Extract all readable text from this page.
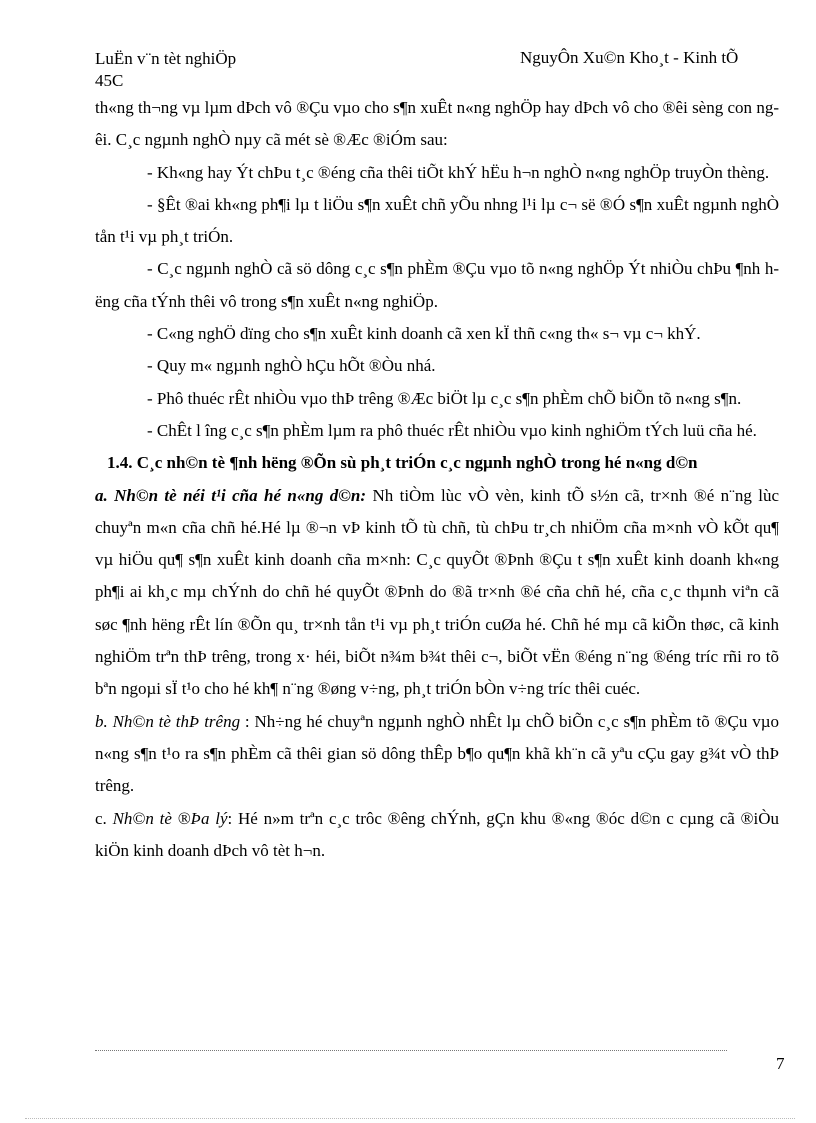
LuËn v¨n tèt nghiÖp
45C
NguyÔn Xu©n Kho¸t - Kinh tÕ

th«ng th¬ng vµ lµm dÞch vô ®Çu vµo cho s¶n xuÊt n«ng nghÖp hay dÞch vô cho ®êi sèng con ngêi. C¸c ngµnh nghÒ nµy cã mét sè ®Æc ®iÓm sau:

- Kh«ng hay Ýt chÞu t¸c ®éng cña thêi tiÕt khÝ hËu h¬n nghÒ n«ng nghÖp truyÒn thèng.

- §Êt ®ai kh«ng ph¶i lµ t liÖu s¶n xuÊt chñ yÕu nhng l¹i lµ c¬ së ®Ó s¶n xuÊt ngµnh nghÒ tån t¹i vµ ph¸t triÓn.

- C¸c ngµnh nghÒ cã sö dông c¸c s¶n phÈm ®Çu vµo tõ n«ng nghÖp Ýt nhiÒu chÞu ¶nh hëng cña tÝnh thêi vô trong s¶n xuÊt n«ng nghiÖp.

- C«ng nghÖ dïng cho s¶n xuÊt kinh doanh cã xen kÏ thñ c«ng th« s¬ vµ c¬ khÝ.

- Quy m« ngµnh nghÒ hÇu hÕt ®Òu nhá.

- Phô thuéc rÊt nhiÒu vµo thÞ trêng ®Æc biÖt lµ c¸c s¶n phÈm chÕ biÕn tõ n«ng s¶n.

- ChÊt l îng c¸c s¶n phÈm lµm ra phô thuéc rÊt nhiÒu vµo kinh nghiÖm tÝch luü cña hé.

1.4. C¸c nh©n tè ¶nh hëng ®Õn sù ph¸t triÓn c¸c ngµnh nghÒ trong hé n«ng d©n

a. Nh©n tè néi t¹i cña hé n«ng d©n: Nh tiÒm lùc vÒ vèn, kinh tÕ s½n cã, tr×nh ®é n¨ng lùc chuyªn m«n cña chñ hé.Hé lµ ®¬n vÞ kinh tÕ tù chñ, tù chÞu tr¸ch nhiÖm cña m×nh vÒ kÕt qu¶ vµ hiÖu qu¶ s¶n xuÊt kinh doanh cña m×nh: C¸c quyÕt ®Þnh ®Çu t s¶n xuÊt kinh doanh kh«ng ph¶i ai kh¸c mµ chÝnh do chñ hé quyÕt ®Þnh do ®ã tr×nh ®é cña chñ hé, cña c¸c thµnh viªn cã søc ¶nh hëng rÊt lín ®Õn qu¸ tr×nh tån t¹i vµ ph¸t triÓn cuØa hé. Chñ hé mµ cã kiÕn thøc, cã kinh nghiÖm trªn thÞ trêng, trong x· héi, biÕt n¾m b¾t thêi c¬, biÕt vËn ®éng n¨ng ®éng tríc rñi ro tõ bªn ngoµi sÏ t¹o cho hé kh¶ n¨ng ®øng v÷ng, ph¸t triÓn bÒn v÷ng tríc thêi cuéc.

b. Nh©n tè thÞ trêng : Nh÷ng hé chuyªn ngµnh nghÒ nhÊt lµ chÕ biÕn c¸c s¶n phÈm tõ ®Çu vµo n«ng s¶n t¹o ra s¶n phÈm cã thêi gian sö dông thÊp b¶o qu¶n khã kh¨n cã yªu cÇu gay g¾t vÒ thÞ trêng.

c. Nh©n tè ®Þa lý: Hé n»m trªn c¸c trôc ®êng chÝnh, gÇn khu ®«ng ®óc d©n c cµng cã ®iÒu kiÖn kinh doanh dÞch vô tèt h¬n.

7
